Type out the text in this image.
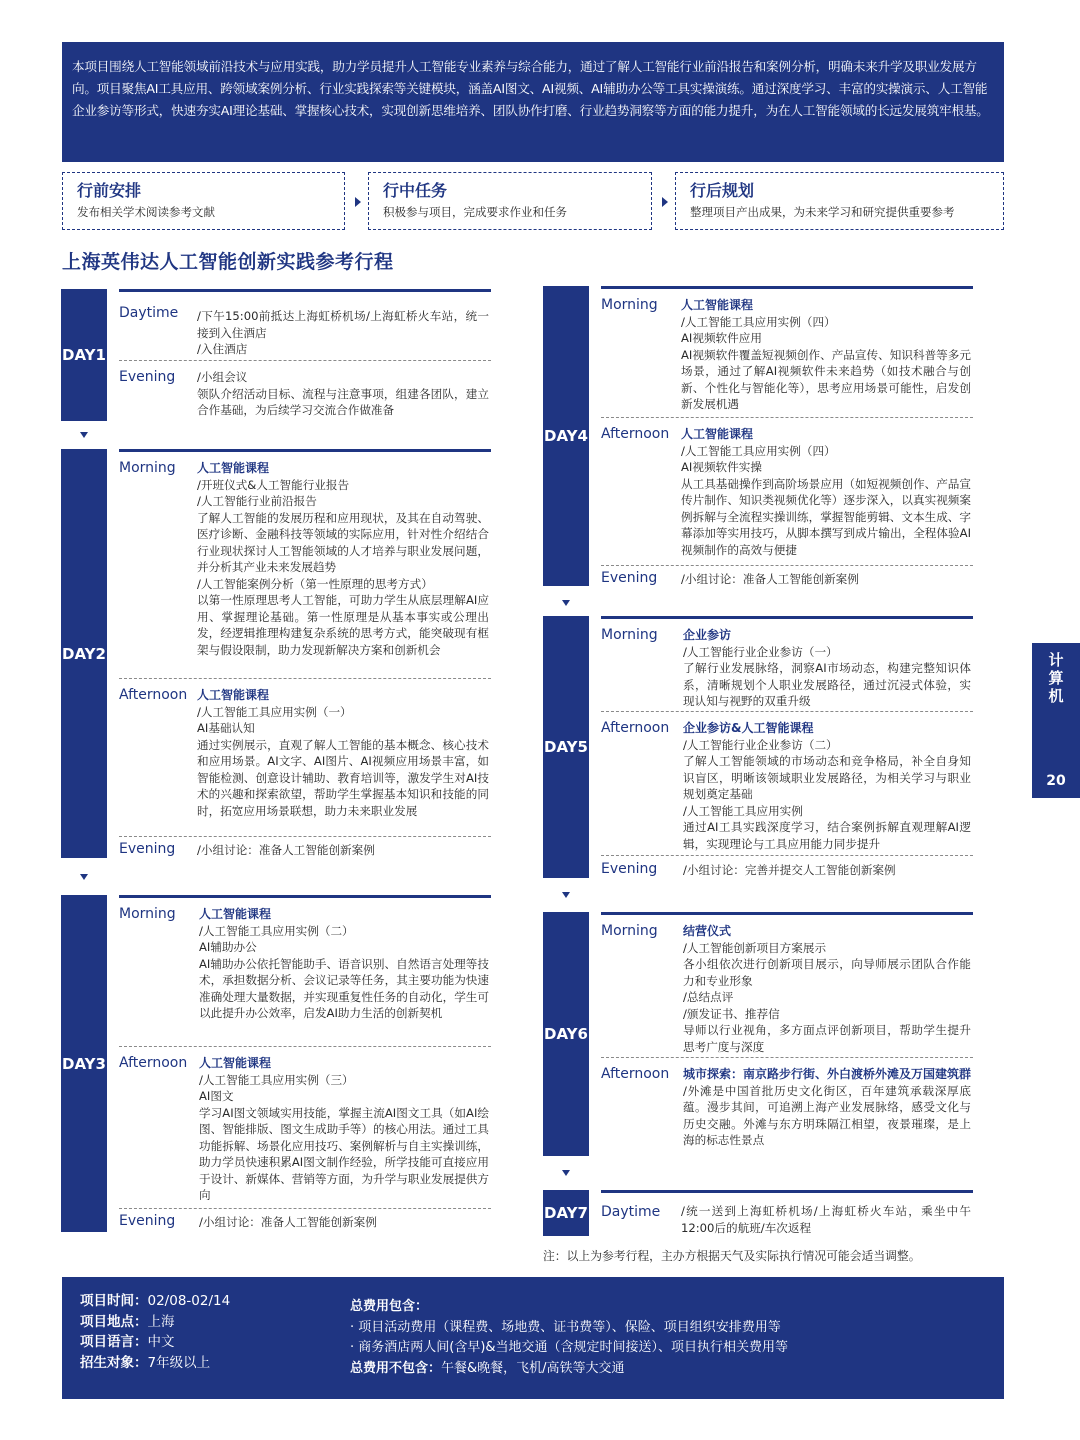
本项目围绕人工智能领域前沿技术与应用实践，助力学员提升人工智能专业素养与综合能力，通过了解人工智能行业前沿报告和案例分析，明确未来升学及职业发展方向。项目聚焦AI工具应用、跨领域案例分析、行业实践探索等关键模块，涵盖AI图文、AI视频、AI辅助办公等工具实操演练。通过深度学习、丰富的实操演示、人工智能企业参访等形式，快速夯实AI理论基础、掌握核心技术，实现创新思维培养、团队协作打磨、行业趋势洞察等方面的能力提升，为在人工智能领域的长远发展筑牢根基。

行前安排
发布相关学术阅读参考文献
行中任务
积极参与项目，完成要求作业和任务
行后规划
整理项目产出成果，为未来学习和研究提供重要参考
上海英伟达人工智能创新实践参考行程
DAY1
Daytime /下午15:00前抵达上海虹桥机场/上海虹桥火车站，统一接到入住酒店
/入住酒店
Evening /小组会议
领队介绍活动目标、流程与注意事项，组建各团队，建立合作基础，为后续学习交流合作做准备
DAY2
Morning 人工智能课程
/开班仪式&人工智能行业报告
/人工智能行业前沿报告
了解人工智能的发展历程和应用现状，及其在自动驾驶、医疗诊断、金融科技等领域的实际应用，针对性介绍结合行业现状探讨人工智能领域的人才培养与职业发展问题，并分析其产业未来发展趋势
/人工智能案例分析（第一性原理的思考方式）
以第一性原理思考人工智能，可助力学生从底层理解AI应用、掌握理论基础。第一性原理是从基本事实或公理出发，经逻辑推理构建复杂系统的思考方式，能突破现有框架与假设限制，助力发现新解决方案和创新机会
Afternoon 人工智能课程
/人工智能工具应用实例（一）
AI基础认知
通过实例展示，直观了解人工智能的基本概念、核心技术和应用场景。AI文字、AI图片、AI视频应用场景丰富，如智能检测、创意设计辅助、教育培训等，激发学生对AI技术的兴趣和探索欲望，帮助学生掌握基本知识和技能的同时，拓宽应用场景联想，助力未来职业发展
Evening /小组讨论：准备人工智能创新案例
DAY3
Morning 人工智能课程
/人工智能工具应用实例（二）
AI辅助办公
AI辅助办公依托智能助手、语音识别、自然语言处理等技术，承担数据分析、会议记录等任务，其主要功能为快速准确处理大量数据，并实现重复性任务的自动化，学生可以此提升办公效率，启发AI助力生活的创新契机
Afternoon 人工智能课程
/人工智能工具应用实例（三）
AI图文
学习AI图文领域实用技能，掌握主流AI图文工具（如AI绘图、智能排版、图文生成助手等）的核心用法。通过工具功能拆解、场景化应用技巧、案例解析与自主实操训练，助力学员快速积累AI图文制作经验，所学技能可直接应用于设计、新媒体、营销等方面，为升学与职业发展提供方向
Evening /小组讨论：准备人工智能创新案例
DAY4
Morning 人工智能课程
/人工智能工具应用实例（四）
AI视频软件应用
AI视频软件覆盖短视频创作、产品宣传、知识科普等多元场景，通过了解AI视频软件未来趋势（如技术融合与创新、个性化与智能化等），思考应用场景可能性，启发创新发展机遇
Afternoon 人工智能课程
/人工智能工具应用实例（四）
AI视频软件实操
从工具基础操作到高阶场景应用（如短视频创作、产品宣传片制作、知识类视频优化等）逐步深入，以真实视频案例拆解与全流程实操训练，掌握智能剪辑、文本生成、字幕添加等实用技巧，从脚本撰写到成片输出，全程体验AI视频制作的高效与便捷
Evening /小组讨论：准备人工智能创新案例
DAY5
Morning 企业参访
/人工智能行业企业参访（一）
了解行业发展脉络，洞察AI市场动态，构建完整知识体系，清晰规划个人职业发展路径，通过沉浸式体验，实现认知与视野的双重升级
Afternoon 企业参访&人工智能课程
/人工智能行业企业参访（二）
了解人工智能领域的市场动态和竞争格局，补全自身知识盲区，明晰该领域职业发展路径，为相关学习与职业规划奠定基础
/人工智能工具应用实例
通过AI工具实践深度学习，结合案例拆解直观理解AI逻辑，实现理论与工具应用能力同步提升
Evening /小组讨论：完善并提交人工智能创新案例
DAY6
Morning 结营仪式
/人工智能创新项目方案展示
各小组依次进行创新项目展示，向导师展示团队合作能力和专业形象
/总结点评
/颁发证书、推荐信
导师以行业视角，多方面点评创新项目，帮助学生提升思考广度与深度
Afternoon 城市探索：南京路步行街、外白渡桥外滩及万国建筑群
/外滩是中国首批历史文化街区，百年建筑承载深厚底蕴。漫步其间，可追溯上海产业发展脉络，感受文化与历史交融。外滩与东方明珠隔江相望，夜景璀璨，是上海的标志性景点
DAY7 Daytime /统一送到上海虹桥机场/上海虹桥火车站，乘坐中午12:00后的航班/车次返程
注：以上为参考行程，主办方根据天气及实际执行情况可能会适当调整。
计算机
20
项目时间：02/08-02/14
项目地点：上海
项目语言：中文
招生对象：7年级以上
总费用包含：
· 项目活动费用（课程费、场地费、证书费等）、保险、项目组织安排费用等
· 商务酒店两人间(含早)&当地交通（含规定时间接送）、项目执行相关费用等
总费用不包含：午餐&晚餐，飞机/高铁等大交通
